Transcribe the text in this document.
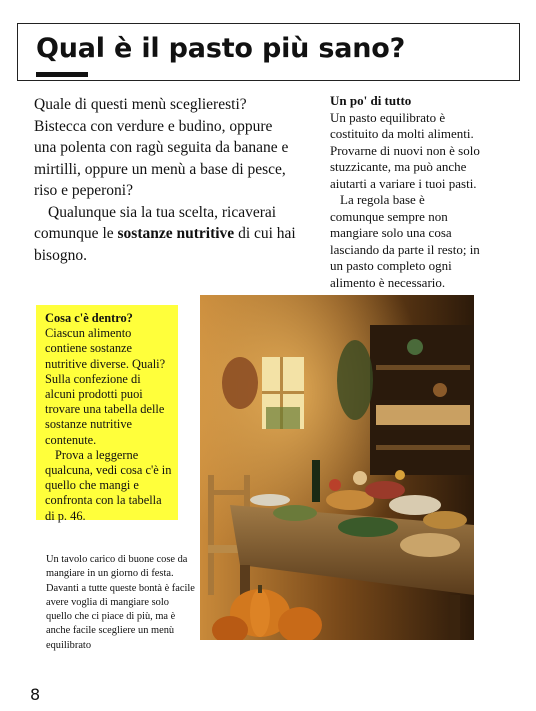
Qual è il pasto più sano?

Quale di questi menù sceglieresti? Bistecca con verdure e budino, oppure una polenta con ragù seguita da banane e mirtilli, oppure un menù a base di pesce, riso e peperoni?

Qualunque sia la tua scelta, ricaverai comunque le sostanze nutritive di cui hai bisogno.

Un po' di tutto

Un pasto equilibrato è costituito da molti alimenti. Provarne di nuovi non è solo stuzzicante, ma può anche aiutarti a variare i tuoi pasti.

La regola base è comunque sempre non mangiare solo una cosa lasciando da parte il resto; in un pasto completo ogni alimento è necessario.

Cosa c'è dentro?

Ciascun alimento contiene sostanze nutritive diverse. Quali? Sulla confezione di alcuni prodotti puoi trovare una tabella delle sostanze nutritive contenute.

Prova a leggerne qualcuna, vedi cosa c'è in quello che mangi e confronta con la tabella di p. 46.

Un tavolo carico di buone cose da mangiare in un giorno di festa. Davanti a tutte queste bontà è facile avere voglia di mangiare solo quello che ci piace di più, ma è anche facile scegliere un menù equilibrato
8
